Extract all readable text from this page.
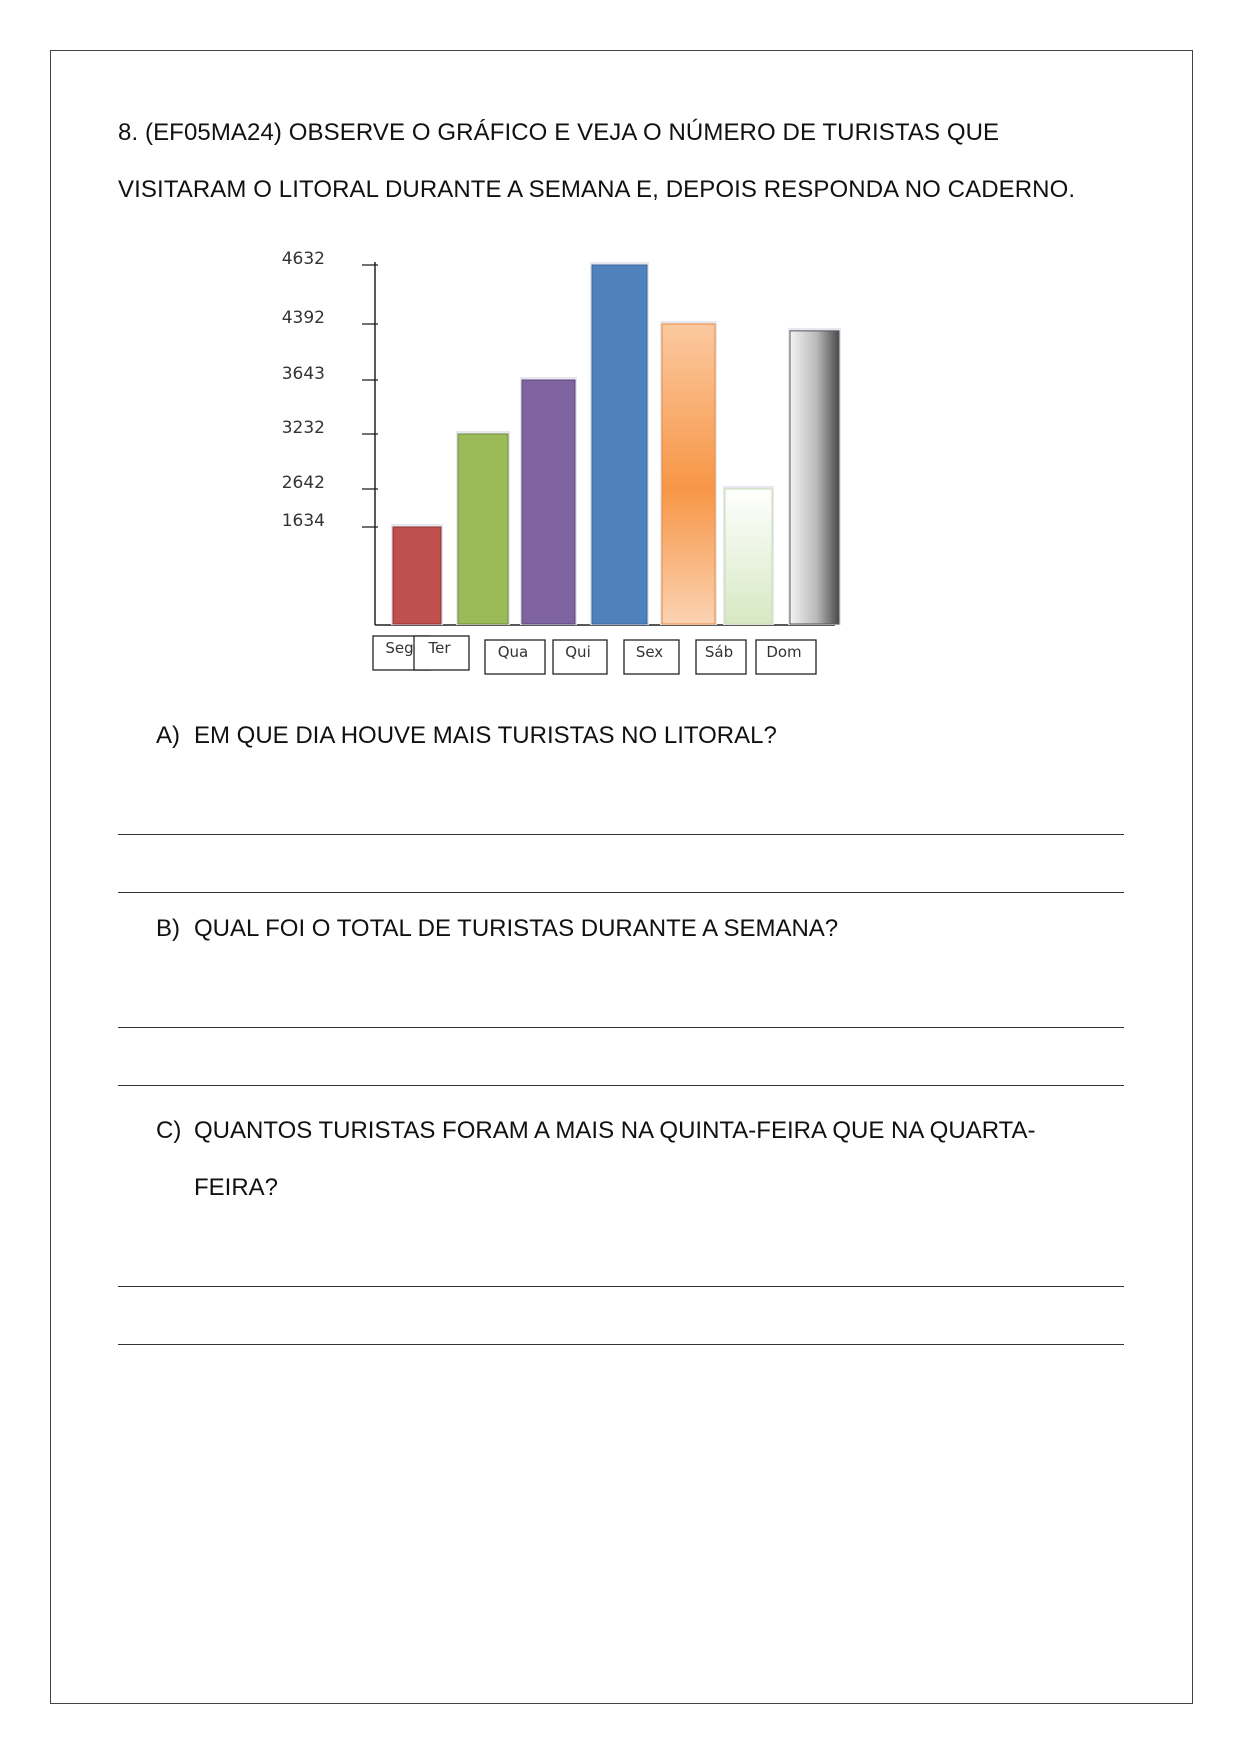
8. (EF05MA24) OBSERVE O GRÁFICO E VEJA O NÚMERO DE TURISTAS QUE
VISITARAM O LITORAL DURANTE A SEMANA E, DEPOIS RESPONDA NO CADERNO.
1634
2642
3232
3643
4392
4632
Seg Ter	Qua Qui	Sex	Sáb Dom
A) EM QUE DIA HOUVE MAIS TURISTAS NO LITORAL?
B) QUAL FOI O TOTAL DE TURISTAS DURANTE A SEMANA?
C) QUANTOS TURISTAS FORAM A MAIS NA QUINTA-FEIRA QUE NA QUARTA-
FEIRA?
